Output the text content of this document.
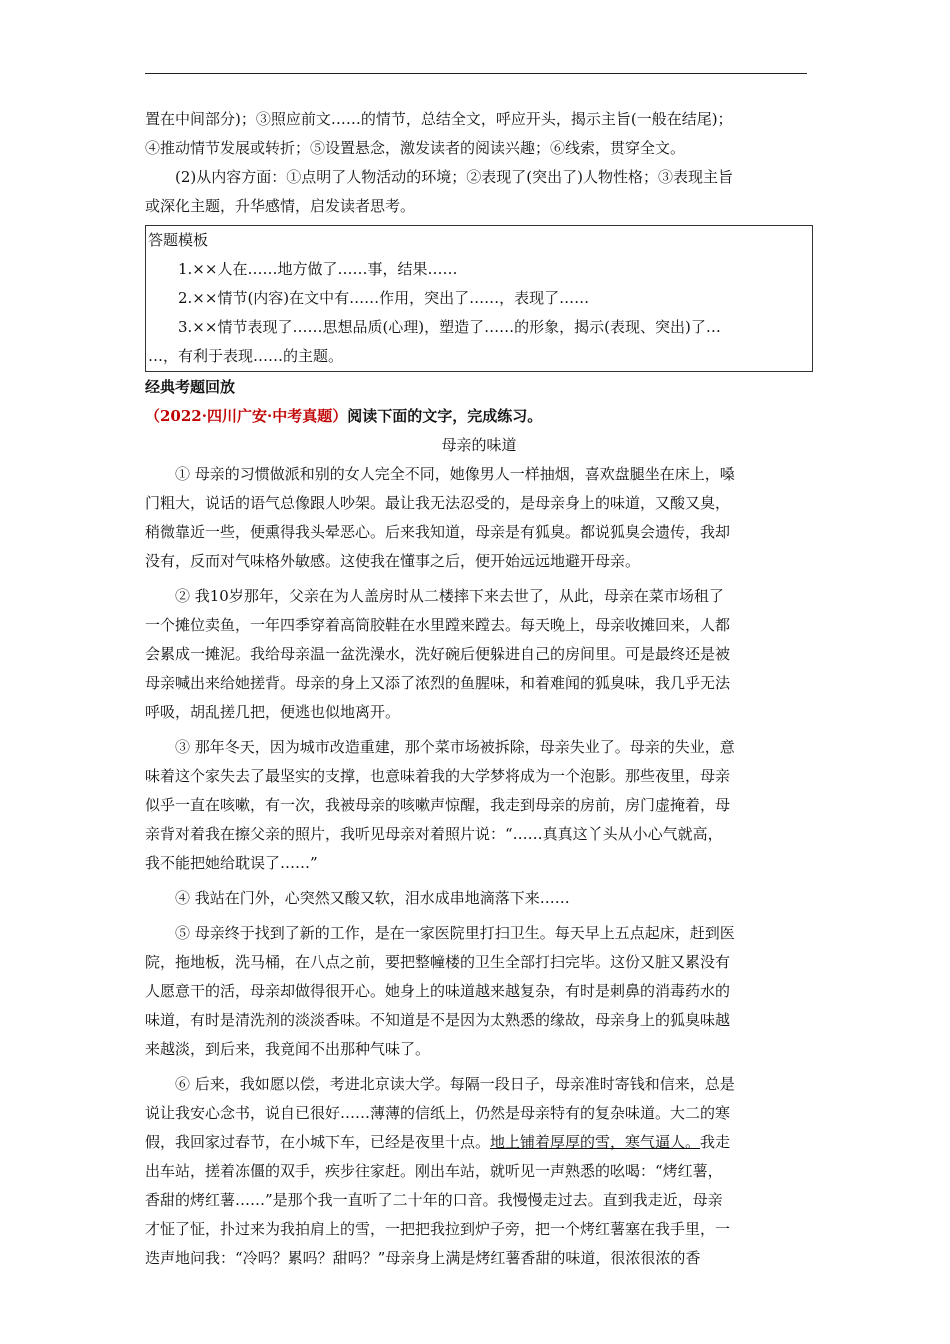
置在中间部分)；③照应前文……的情节，总结全文，呼应开头，揭示主旨(一般在结尾)；

④推动情节发展或转折；⑤设置悬念，激发读者的阅读兴趣；⑥线索，贯穿全文。

(2)从内容方面：①点明了人物活动的环境；②表现了(突出了)人物性格；③表现主旨

或深化主题，升华感情，启发读者思考。

答题模板

1.××人在……地方做了……事，结果……

2.××情节(内容)在文中有……作用，突出了……，表现了……

3.××情节表现了……思想品质(心理)，塑造了……的形象，揭示(表现、突出)了…

…，有利于表现……的主题。

经典考题回放

（2022·四川广安·中考真题）阅读下面的文字，完成练习。

母亲的味道

① 母亲的习惯做派和别的女人完全不同，她像男人一样抽烟，喜欢盘腿坐在床上，嗓

门粗大，说话的语气总像跟人吵架。最让我无法忍受的，是母亲身上的味道，又酸又臭，

稍微靠近一些，便熏得我头晕恶心。后来我知道，母亲是有狐臭。都说狐臭会遗传，我却

没有，反而对气味格外敏感。这使我在懂事之后，便开始远远地避开母亲。

② 我10岁那年，父亲在为人盖房时从二楼摔下来去世了，从此，母亲在菜市场租了

一个摊位卖鱼，一年四季穿着高筒胶鞋在水里蹚来蹚去。每天晚上，母亲收摊回来，人都

会累成一摊泥。我给母亲温一盆洗澡水，洗好碗后便躲进自己的房间里。可是最终还是被

母亲喊出来给她搓背。母亲的身上又添了浓烈的鱼腥味，和着难闻的狐臭味，我几乎无法

呼吸，胡乱搓几把，便逃也似地离开。

③ 那年冬天，因为城市改造重建，那个菜市场被拆除，母亲失业了。母亲的失业，意

味着这个家失去了最坚实的支撑，也意味着我的大学梦将成为一个泡影。那些夜里，母亲

似乎一直在咳嗽，有一次，我被母亲的咳嗽声惊醒，我走到母亲的房前，房门虚掩着，母

亲背对着我在擦父亲的照片，我听见母亲对着照片说：“……真真这丫头从小心气就高，

我不能把她给耽误了……”

④ 我站在门外，心突然又酸又软，泪水成串地滴落下来……

⑤ 母亲终于找到了新的工作，是在一家医院里打扫卫生。每天早上五点起床，赶到医

院，拖地板，洗马桶，在八点之前，要把整幢楼的卫生全部打扫完毕。这份又脏又累没有

人愿意干的活，母亲却做得很开心。她身上的味道越来越复杂，有时是刺鼻的消毒药水的

味道，有时是清洗剂的淡淡香味。不知道是不是因为太熟悉的缘故，母亲身上的狐臭味越

来越淡，到后来，我竟闻不出那种气味了。

⑥ 后来，我如愿以偿，考进北京读大学。每隔一段日子，母亲准时寄钱和信来，总是

说让我安心念书，说自已很好……薄薄的信纸上，仍然是母亲特有的复杂味道。大二的寒

假，我回家过春节，在小城下车，已经是夜里十点。地上铺着厚厚的雪，寒气逼人。我走

出车站，搓着冻僵的双手，疾步往家赶。刚出车站，就听见一声熟悉的吆喝：“烤红薯，

香甜的烤红薯……”是那个我一直听了二十年的口音。我慢慢走过去。直到我走近，母亲

才怔了怔，扑过来为我拍肩上的雪，一把把我拉到炉子旁，把一个烤红薯塞在我手里，一

迭声地问我：“冷吗？累吗？甜吗？”母亲身上满是烤红薯香甜的味道，很浓很浓的香
